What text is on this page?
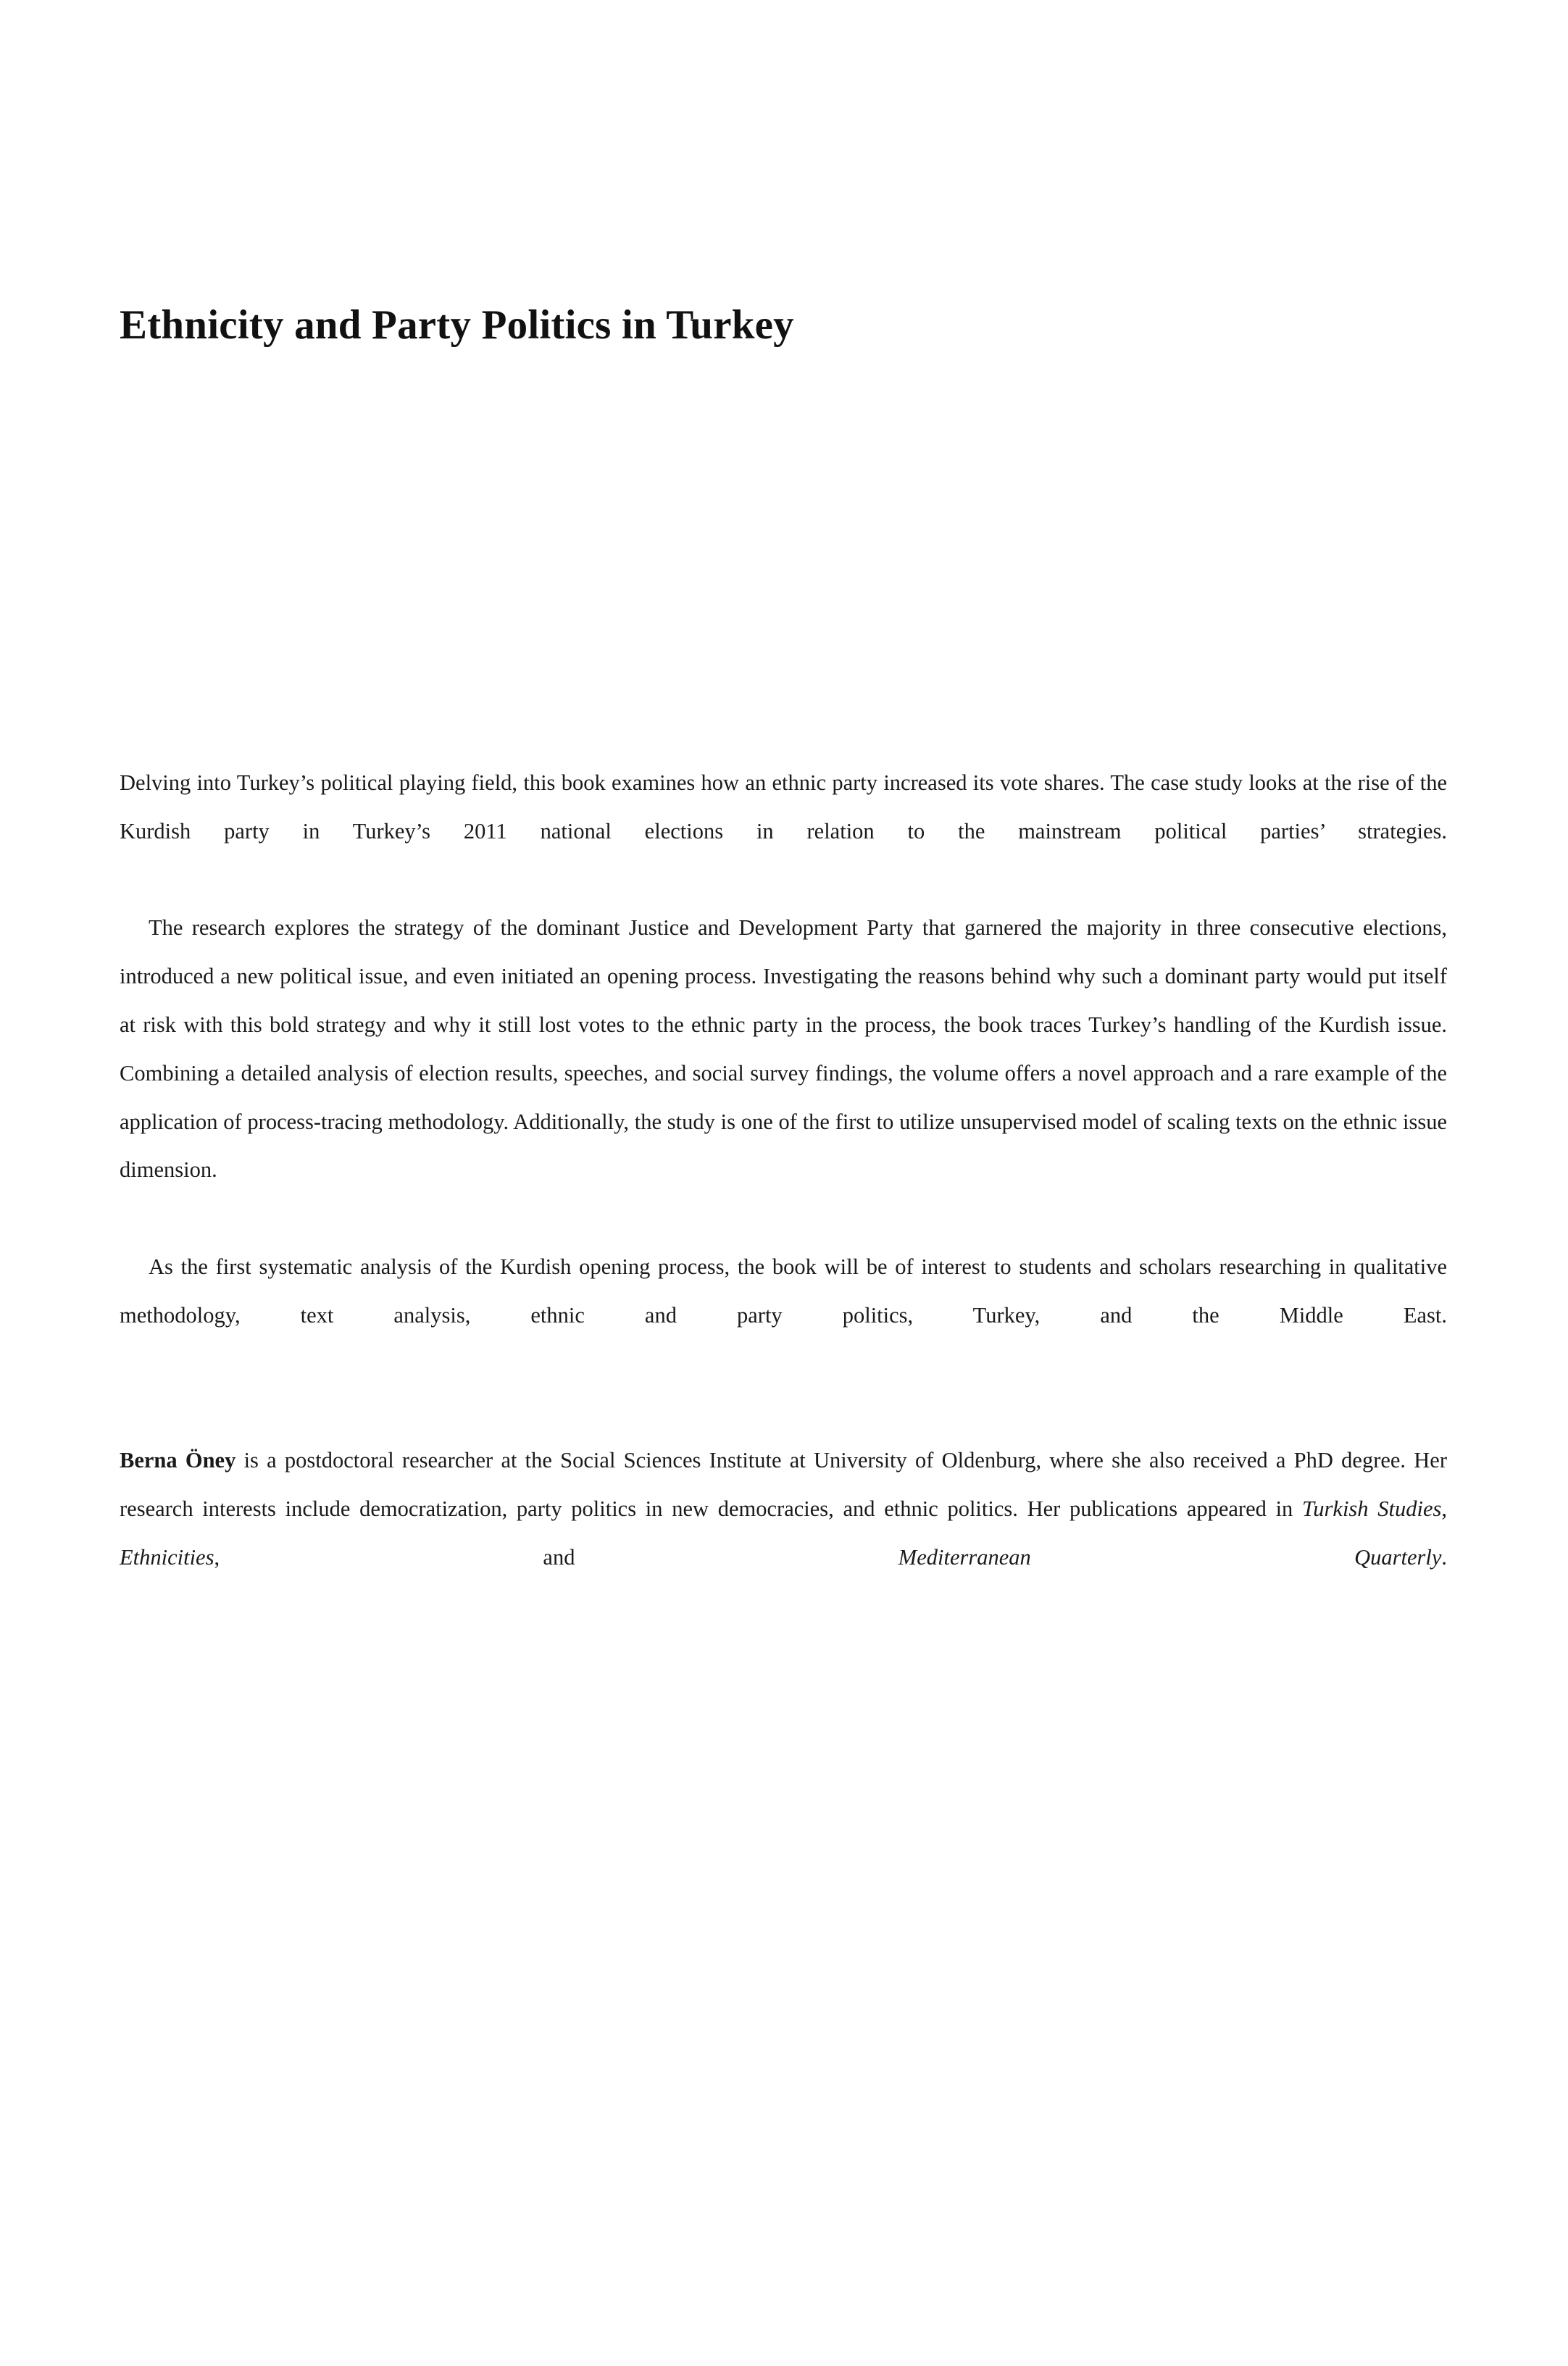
Ethnicity and Party Politics in Turkey

Delving into Turkey’s political playing field, this book examines how an ethnic party increased its vote shares. The case study looks at the rise of the Kurdish party in Turkey’s 2011 national elections in relation to the mainstream political parties’ strategies.

The research explores the strategy of the dominant Justice and Development Party that garnered the majority in three consecutive elections, introduced a new political issue, and even initiated an opening process. Investigating the reasons behind why such a dominant party would put itself at risk with this bold strategy and why it still lost votes to the ethnic party in the process, the book traces Turkey’s handling of the Kurdish issue. Combining a detailed analysis of election results, speeches, and social survey findings, the volume offers a novel approach and a rare example of the application of process-tracing methodology. Additionally, the study is one of the first to utilize unsupervised model of scaling texts on the ethnic issue dimension.

As the first systematic analysis of the Kurdish opening process, the book will be of interest to students and scholars researching in qualitative methodology, text analysis, ethnic and party politics, Turkey, and the Middle East.

Berna Öney is a postdoctoral researcher at the Social Sciences Institute at University of Oldenburg, where she also received a PhD degree. Her research interests include democratization, party politics in new democracies, and ethnic politics. Her publications appeared in Turkish Studies, Ethnicities, and Mediterranean Quarterly.
